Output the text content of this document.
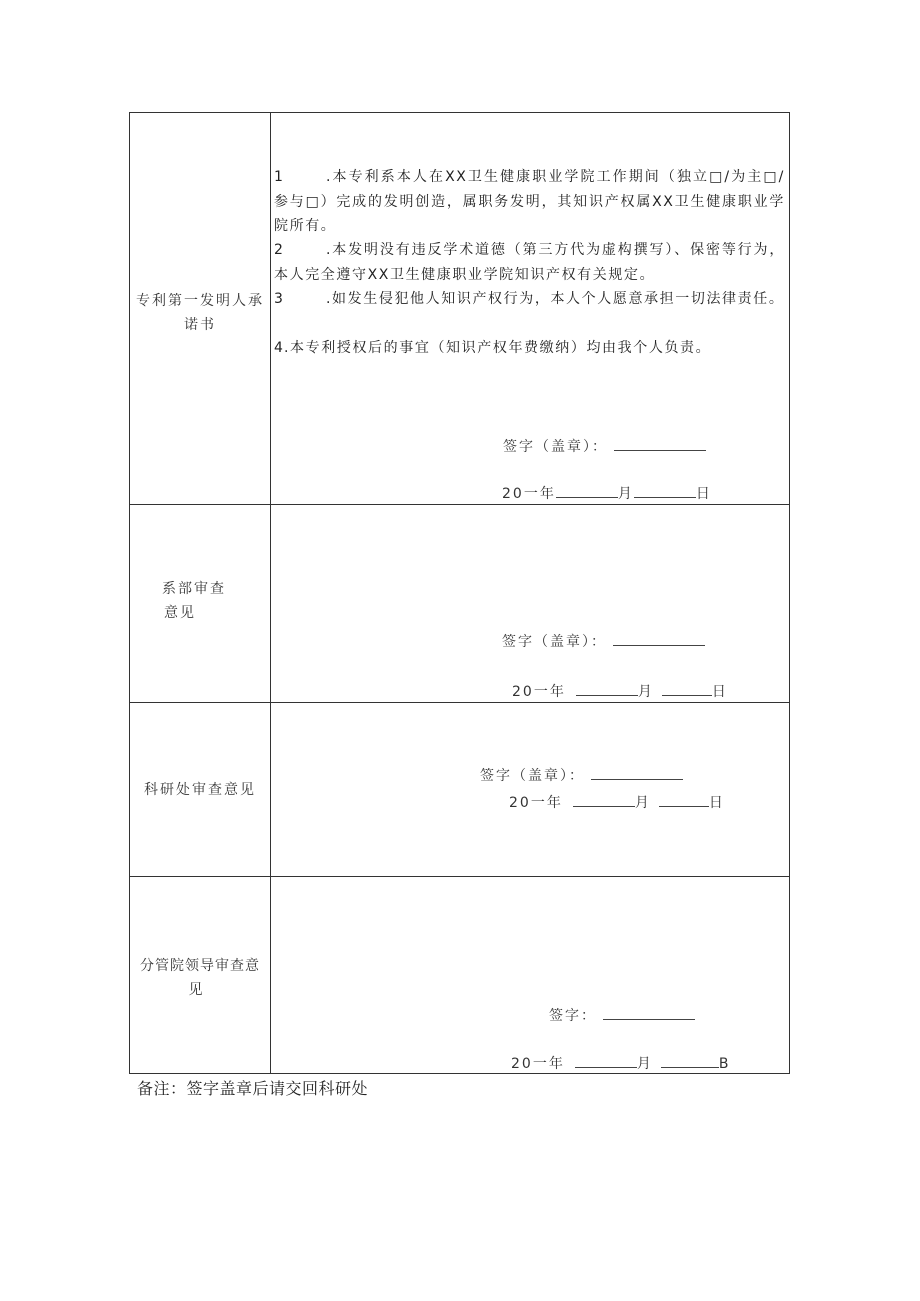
专利第一发明人承诺书
1	.本专利系本人在XX卫生健康职业学院工作期间（独立□/为主□/参与□）完成的发明创造，属职务发明，其知识产权属XX卫生健康职业学院所有。
2	.本发明没有违反学术道德（第三方代为虚构撰写）、保密等行为，本人完全遵守XX卫生健康职业学院知识产权有关规定。
3	.如发生侵犯他人知识产权行为，本人个人愿意承担一切法律责任。
4.本专利授权后的事宜（知识产权年费缴纳）均由我个人负责。
签字（盖章）：
20一年	月	日
系部审查
意见
签字（盖章）：
20一年	月	日
科研处审查意见
签字（盖章）：
20一年	月	日
分管院领导审查意
见
签字：
20一年	月	B
备注：签字盖章后请交回科研处
